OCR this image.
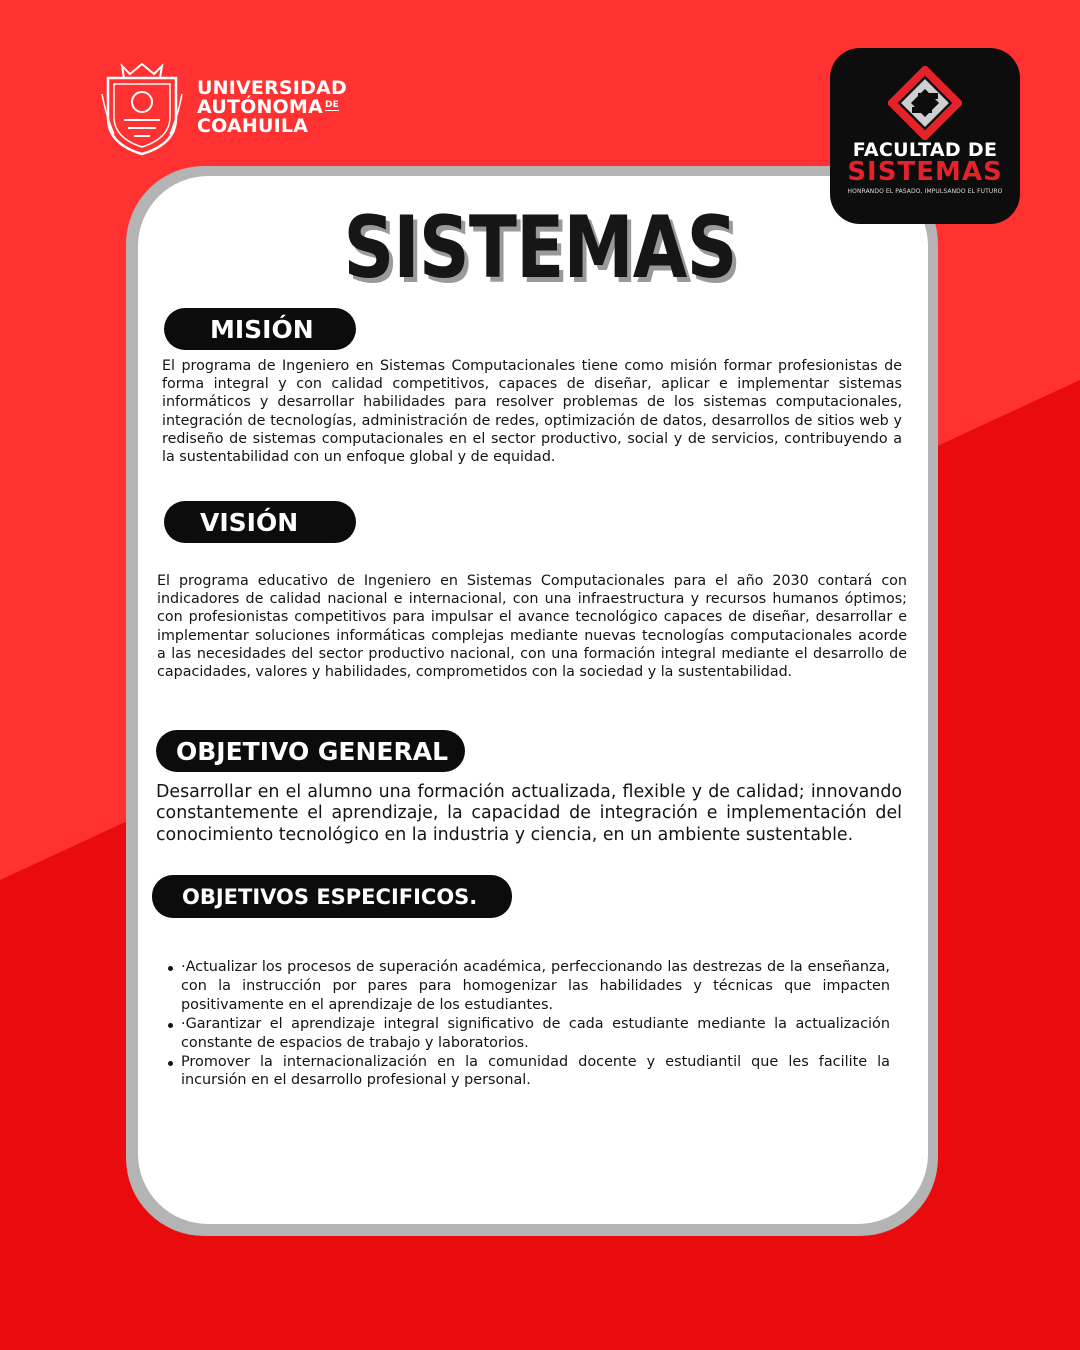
UNIVERSIDAD
AUTÓNOMA DE
COAHUILA
FACULTAD DE
SISTEMAS
HONRANDO EL PASADO, IMPULSANDO EL FUTURO
SISTEMAS
MISIÓN

El programa de Ingeniero en Sistemas Computacionales tiene como misión formar profesionistas de forma integral y con calidad competitivos, capaces de diseñar, aplicar e implementar sistemas informáticos y desarrollar habilidades para resolver problemas de los sistemas computacionales, integración de tecnologías, administración de redes, optimización de datos, desarrollos de sitios web y rediseño de sistemas computacionales en el sector productivo, social y de servicios, contribuyendo a la sustentabilidad con un enfoque global y de equidad.

VISIÓN

El programa educativo de Ingeniero en Sistemas Computacionales para el año 2030 contará con indicadores de calidad nacional e internacional, con una infraestructura y recursos humanos óptimos; con profesionistas competitivos para impulsar el avance tecnológico capaces de diseñar, desarrollar e implementar soluciones informáticas complejas mediante nuevas tecnologías computacionales acorde a las necesidades del sector productivo nacional, con una formación integral mediante el desarrollo de capacidades, valores y habilidades, comprometidos con la sociedad y la sustentabilidad.

OBJETIVO GENERAL

Desarrollar en el alumno una formación actualizada, flexible y de calidad; innovando constantemente el aprendizaje, la capacidad de integración e implementación del conocimiento tecnológico en la industria y ciencia, en un ambiente sustentable.

OBJETIVOS ESPECIFICOS.
·Actualizar los procesos de superación académica, perfeccionando las destrezas de la enseñanza, con la instrucción por pares para homogenizar las habilidades y técnicas que impacten positivamente en el aprendizaje de los estudiantes.
·Garantizar el aprendizaje integral significativo de cada estudiante mediante la actualización constante de espacios de trabajo y laboratorios.
Promover la internacionalización en la comunidad docente y estudiantil que les facilite la incursión en el desarrollo profesional y personal.
